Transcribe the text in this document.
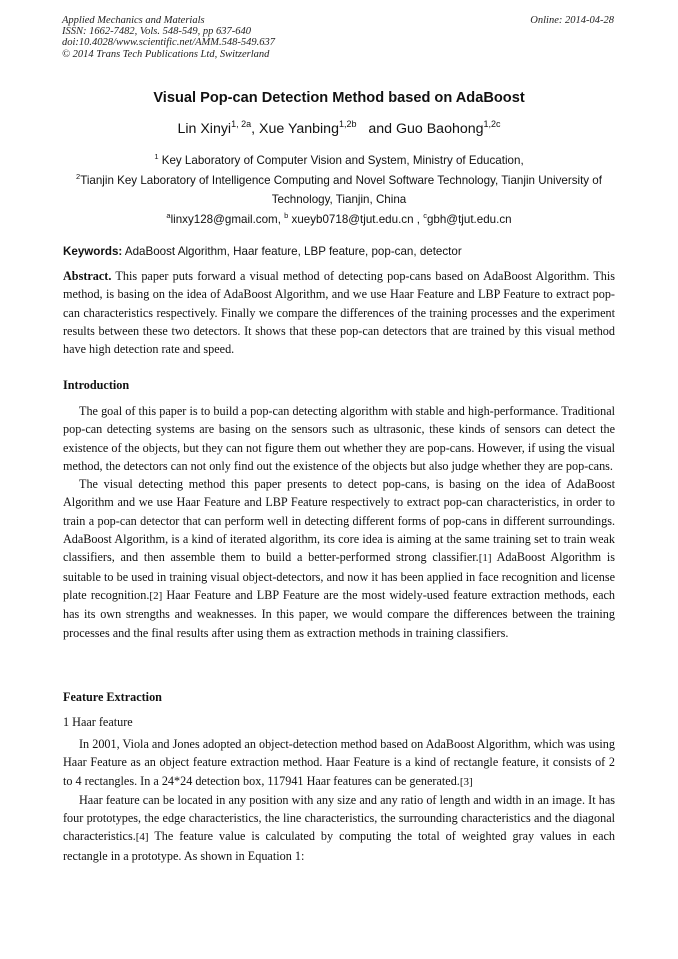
Applied Mechanics and Materials
ISSN: 1662-7482, Vols. 548-549, pp 637-640
doi:10.4028/www.scientific.net/AMM.548-549.637
© 2014 Trans Tech Publications Ltd, Switzerland
Online: 2014-04-28
Visual Pop-can Detection Method based on AdaBoost
Lin Xinyi$^{1, 2a}$, Xue Yanbing$^{1,2b}$   and Guo Baohong$^{1,2c}$
$^1$ Key Laboratory of Computer Vision and System, Ministry of Education,
$^2$Tianjin Key Laboratory of Intelligence Computing and Novel Software Technology, Tianjin University of Technology, Tianjin, China
$^a$linxy128@gmail.com, $^b$ xueyb0718@tjut.edu.cn , $^c$gbh@tjut.edu.cn
Keywords: AdaBoost Algorithm, Haar feature, LBP feature, pop-can, detector
Abstract. This paper puts forward a visual method of detecting pop-cans based on AdaBoost Algorithm. This method, is basing on the idea of AdaBoost Algorithm, and we use Haar Feature and LBP Feature to extract pop-can characteristics respectively. Finally we compare the differences of the training processes and the experiment results between these two detectors. It shows that these pop-can detectors that are trained by this visual method have high detection rate and speed.
Introduction

The goal of this paper is to build a pop-can detecting algorithm with stable and high-performance. Traditional pop-can detecting systems are basing on the sensors such as ultrasonic, these kinds of sensors can detect the existence of the objects, but they can not figure them out whether they are pop-cans. However, if using the visual method, the detectors can not only find out the existence of the objects but also judge whether they are pop-cans.

The visual detecting method this paper presents to detect pop-cans, is basing on the idea of AdaBoost Algorithm and we use Haar Feature and LBP Feature respectively to extract pop-can characteristics, in order to train a pop-can detector that can perform well in detecting different forms of pop-cans in different surroundings. AdaBoost Algorithm, is a kind of iterated algorithm, its core idea is aiming at the same training set to train weak classifiers, and then assemble them to build a better-performed strong classifier.[1] AdaBoost Algorithm is suitable to be used in training visual object-detectors, and now it has been applied in face recognition and license plate recognition.[2] Haar Feature and LBP Feature are the most widely-used feature extraction methods, each has its own strengths and weaknesses. In this paper, we would compare the differences between the training processes and the final results after using them as extraction methods in training classifiers.

Feature Extraction
1 Haar feature

In 2001, Viola and Jones adopted an object-detection method based on AdaBoost Algorithm, which was using Haar Feature as an object feature extraction method. Haar Feature is a kind of rectangle feature, it consists of 2 to 4 rectangles. In a 24*24 detection box, 117941 Haar features can be generated.[3]

Haar feature can be located in any position with any size and any ratio of length and width in an image. It has four prototypes, the edge characteristics, the line characteristics, the surrounding characteristics and the diagonal characteristics.[4] The feature value is calculated by computing the total of weighted gray values in each rectangle in a prototype. As shown in Equation 1:
